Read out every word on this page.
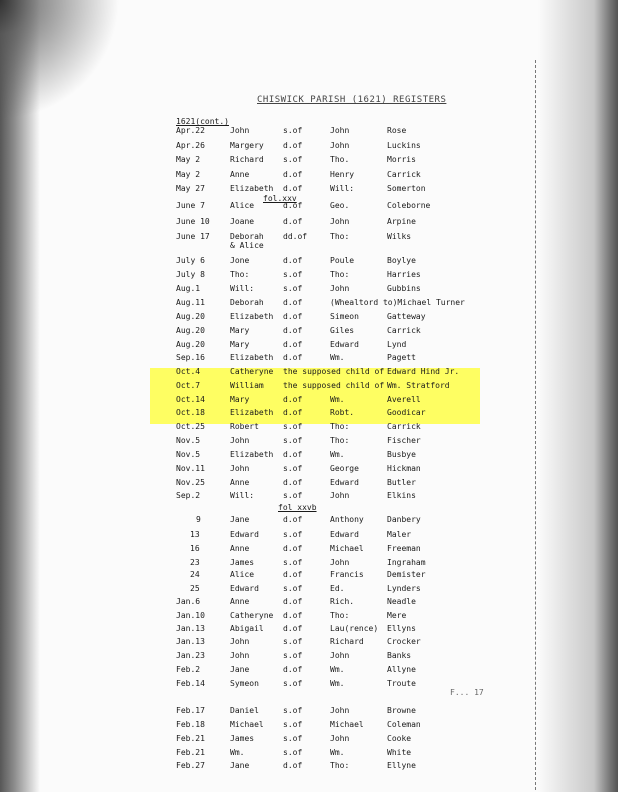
CHISWICK PARISH (1621) REGISTERS
1621(cont.)
Apr.22	John	s.of	John	Rose
Apr.26	Margery d.of	John	Luckins
May 2	Richard s.of	Tho.	Morris
May 2	Anne	d.of	Henry	Carrick
May 27	Elizabeth d.of	Will:	Somerton
June 7	Alice	d.of	Geo.	Coleborne
June 10	Joane	d.of	John	Arpine
June 17	Deborah dd.of	Tho:	Wilks
& Alice
July 6	Jone	d.of	Poule	Boylye
July 8	Tho:	s.of	Tho:	Harries
Aug.1	Will:	s.of	John	Gubbins
Aug.11	Deborah d.of	(Whealtord to)Michael Turner
Aug.20	Elizabeth d.of	Simeon	Gatteway
Aug.20	Mary	d.of	Giles	Carrick
Aug.20	Mary	d.of	Edward	Lynd
Sep.16	Elizabeth d.of	Wm.	Pagett
Oct.4	Catheryne the supposed child of Edward Hind Jr.
Oct.7	William the supposed child of Wm. Stratford
Oct.14	Mary	d.of	Wm.	Averell
Oct.18	Elizabeth d.of	Robt.	Goodicar
Oct.25	Robert	s.of	Tho:	Carrick
Nov.5	John	s.of	Tho:	Fischer
Nov.5	Elizabeth d.of	Wm.	Busbye
Nov.11	John	s.of	George	Hickman
Nov.25	Anne	d.of	Edward	Butler
Sep.2	Will:	s.of	John	Elkins
9	Jane	d.of	Anthony	Danbery
13	Edward	s.of	Edward	Maler
16	Anne	d.of	Michael	Freeman
23	James	s.of	John	Ingraham
24	Alice	d.of	Francis	Demister
25	Edward	s.of	Ed.	Lynders
Jan.6	Anne	d.of	Rich.	Neadle
Jan.10	Catheryne d.of	Tho:	Mere
Jan.13	Abigail d.of	Lau(rence) Ellyns
Jan.13	John	s.of	Richard	Crocker
Jan.23	John	s.of	John	Banks
Feb.2	Jane	d.of	Wm.	Allyne
Feb.14	Symeon	s.of	Wm.	Troute
Feb.17	Daniel	s.of	John	Browne
Feb.18	Michael s.of	Michael	Coleman
Feb.21	James	s.of	John	Cooke
Feb.21	Wm.	s.of	Wm.	White
Feb.27	Jane	d.of	Tho:	Ellyne
fol.xxv
fol xxvb
F... 17
